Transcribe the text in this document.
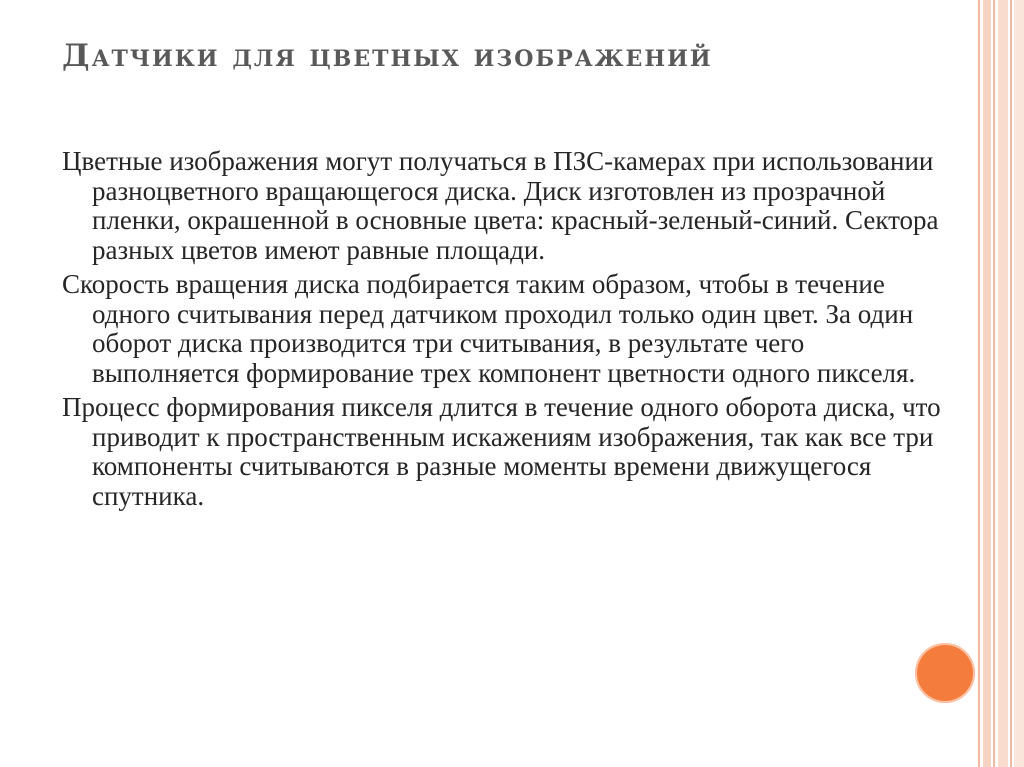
Датчики для цветных изображений

Цветные изображения могут получаться в ПЗС-камерах при использовании разноцветного вращающегося диска. Диск изготовлен из прозрачной пленки, окрашенной в основные цвета: красный-зеленый-синий. Сектора разных цветов имеют равные площади.

Скорость вращения диска подбирается таким образом, чтобы в течение одного считывания перед датчиком проходил только один цвет. За один оборот диска производится три считывания, в результате чего выполняется формирование трех компонент цветности одного пикселя.

Процесс формирования пикселя длится в течение одного оборота диска, что приводит к пространственным искажениям изображения, так как все три компоненты считываются в разные моменты времени движущегося спутника.
